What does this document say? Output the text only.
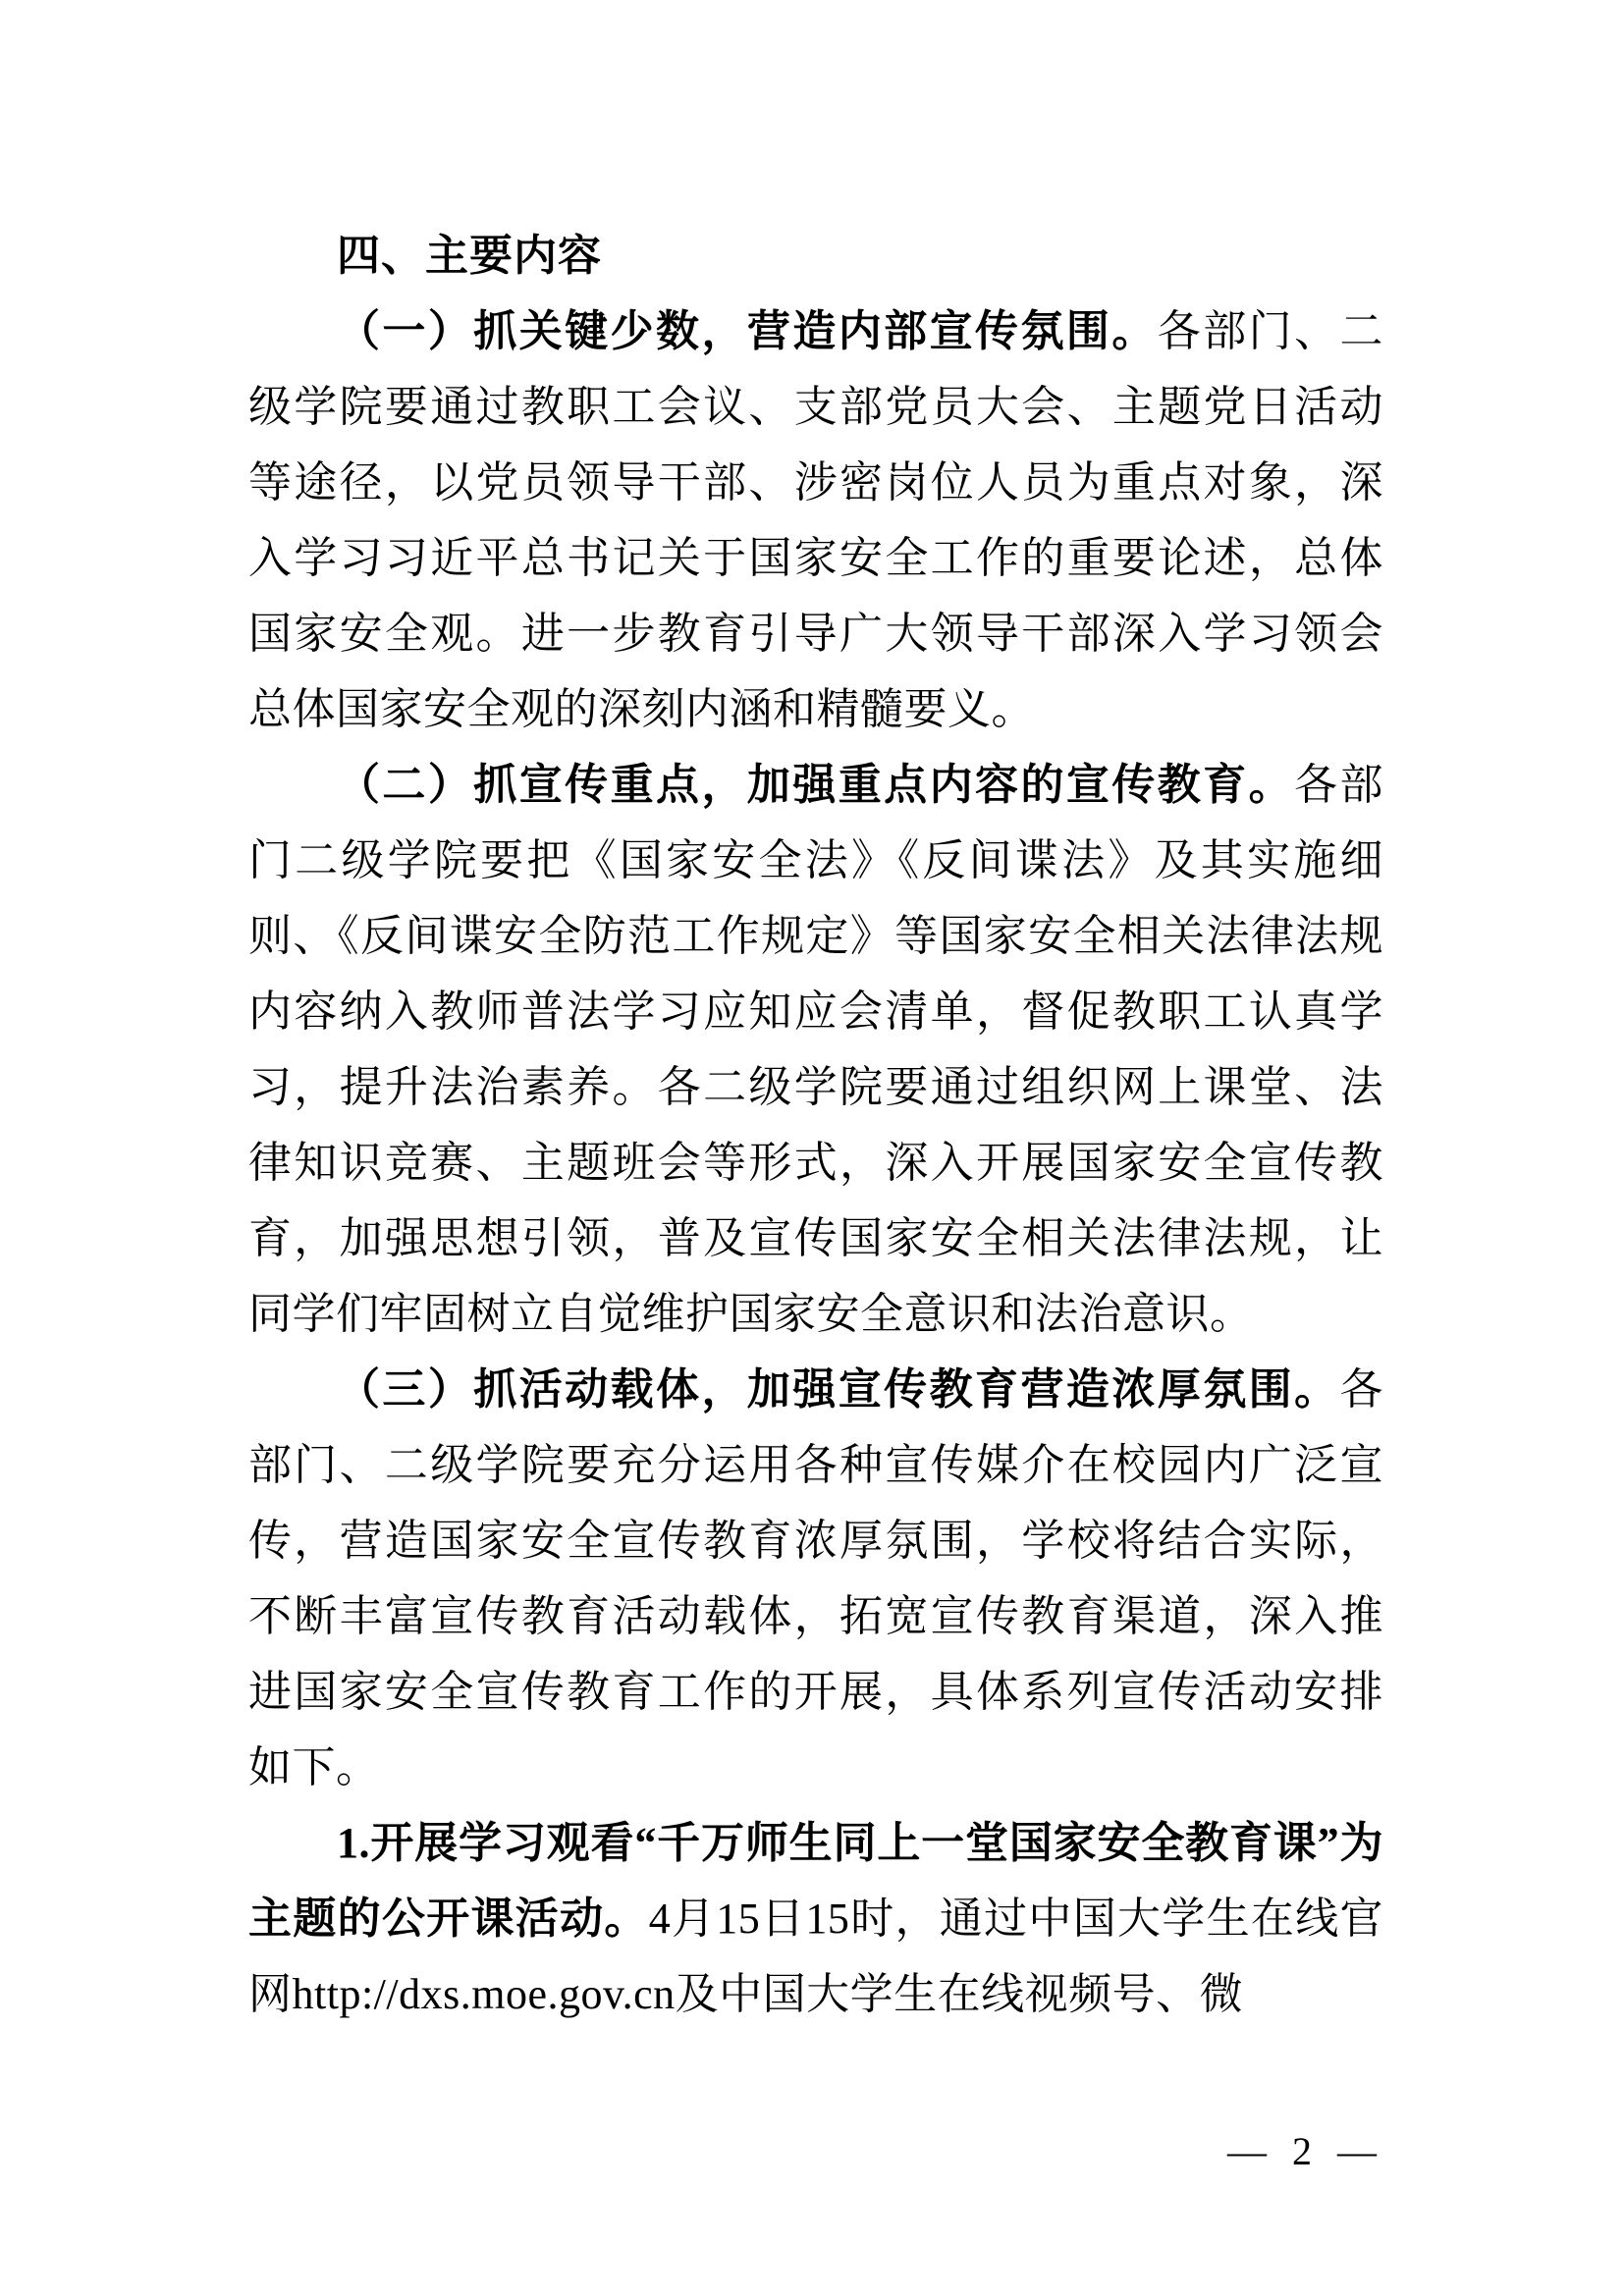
四、主要内容

（一）抓关键少数，营造内部宣传氛围。各部门、二级学院要通过教职工会议、支部党员大会、主题党日活动等途径，以党员领导干部、涉密岗位人员为重点对象，深入学习习近平总书记关于国家安全工作的重要论述，总体国家安全观。进一步教育引导广大领导干部深入学习领会总体国家安全观的深刻内涵和精髓要义。

（二）抓宣传重点，加强重点内容的宣传教育。各部门二级学院要把《国家安全法》《反间谍法》及其实施细则、《反间谍安全防范工作规定》等国家安全相关法律法规内容纳入教师普法学习应知应会清单，督促教职工认真学习，提升法治素养。各二级学院要通过组织网上课堂、法律知识竞赛、主题班会等形式，深入开展国家安全宣传教育，加强思想引领，普及宣传国家安全相关法律法规，让同学们牢固树立自觉维护国家安全意识和法治意识。

（三）抓活动载体，加强宣传教育营造浓厚氛围。各部门、二级学院要充分运用各种宣传媒介在校园内广泛宣传，营造国家安全宣传教育浓厚氛围，学校将结合实际，不断丰富宣传教育活动载体，拓宽宣传教育渠道，深入推进国家安全宣传教育工作的开展，具体系列宣传活动安排如下。

1.开展学习观看“千万师生同上一堂国家安全教育课”为主题的公开课活动。4月15日15时，通过中国大学生在线官网http://dxs.moe.gov.cn及中国大学生在线视频号、微

— 2 —
